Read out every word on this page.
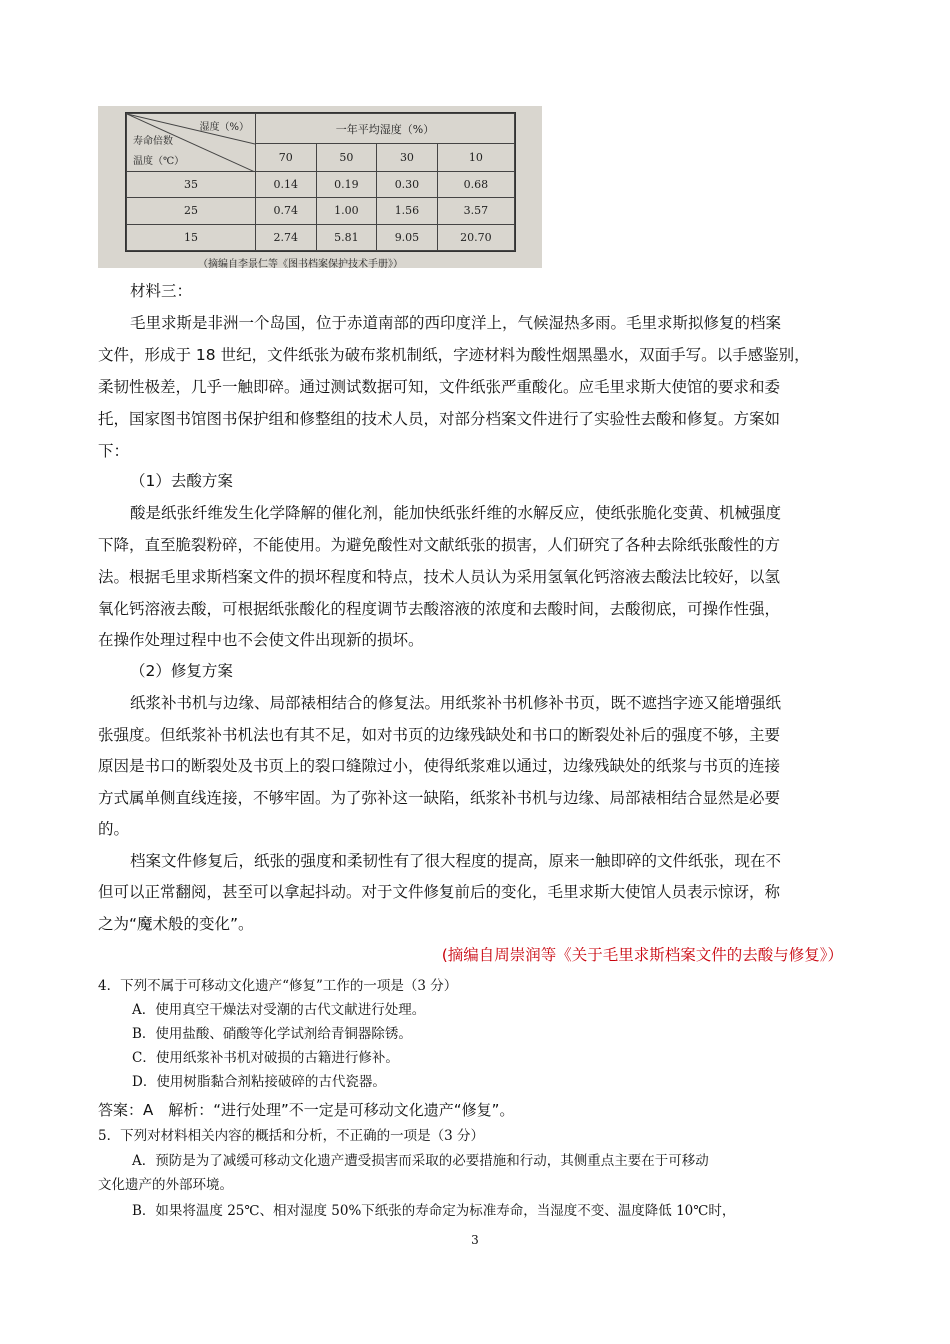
湿度（%）
寿命倍数
温度（℃）	一年平均湿度（%）			
	70	50	30	10
35	0.14	0.19	0.30	0.68
25	0.74	1.00	1.56	3.57
15	2.74	5.81	9.05	20.70
（摘编自李景仁等《图书档案保护技术手册》）
材料三：
毛里求斯是非洲一个岛国，位于赤道南部的西印度洋上，气候湿热多雨。毛里求斯拟修复的档案
文件，形成于 18 世纪，文件纸张为破布浆机制纸，字迹材料为酸性烟黑墨水，双面手写。以手感鉴别，
柔韧性极差，几乎一触即碎。通过测试数据可知，文件纸张严重酸化。应毛里求斯大使馆的要求和委
托，国家图书馆图书保护组和修整组的技术人员，对部分档案文件进行了实验性去酸和修复。方案如
下：
（1）去酸方案
酸是纸张纤维发生化学降解的催化剂，能加快纸张纤维的水解反应，使纸张脆化变黄、机械强度
下降，直至脆裂粉碎，不能使用。为避免酸性对文献纸张的损害，人们研究了各种去除纸张酸性的方
法。根据毛里求斯档案文件的损坏程度和特点，技术人员认为采用氢氧化钙溶液去酸法比较好，以氢
氧化钙溶液去酸，可根据纸张酸化的程度调节去酸溶液的浓度和去酸时间，去酸彻底，可操作性强，
在操作处理过程中也不会使文件出现新的损坏。
（2）修复方案
纸浆补书机与边缘、局部裱相结合的修复法。用纸浆补书机修补书页，既不遮挡字迹又能增强纸
张强度。但纸浆补书机法也有其不足，如对书页的边缘残缺处和书口的断裂处补后的强度不够，主要
原因是书口的断裂处及书页上的裂口缝隙过小，使得纸浆难以通过，边缘残缺处的纸浆与书页的连接
方式属单侧直线连接，不够牢固。为了弥补这一缺陷，纸浆补书机与边缘、局部裱相结合显然是必要
的。
档案文件修复后，纸张的强度和柔韧性有了很大程度的提高，原来一触即碎的文件纸张，现在不
但可以正常翻阅，甚至可以拿起抖动。对于文件修复前后的变化，毛里求斯大使馆人员表示惊讶，称
之为“魔术般的变化”。
(摘编自周崇润等《关于毛里求斯档案文件的去酸与修复》）
4．下列不属于可移动文化遗产“修复”工作的一项是（3 分）
A．使用真空干燥法对受潮的古代文献进行处理。
B．使用盐酸、硝酸等化学试剂给青铜器除锈。
C．使用纸浆补书机对破损的古籍进行修补。
D．使用树脂黏合剂粘接破碎的古代瓷器。
答案：A　解析：“进行处理”不一定是可移动文化遗产“修复”。
5．下列对材料相关内容的概括和分析，不正确的一项是（3 分）
A．预防是为了减缓可移动文化遗产遭受损害而采取的必要措施和行动，其侧重点主要在于可移动
文化遗产的外部环境。
B．如果将温度 25℃、相对湿度 50%下纸张的寿命定为标准寿命，当湿度不变、温度降低 10℃时，
3
